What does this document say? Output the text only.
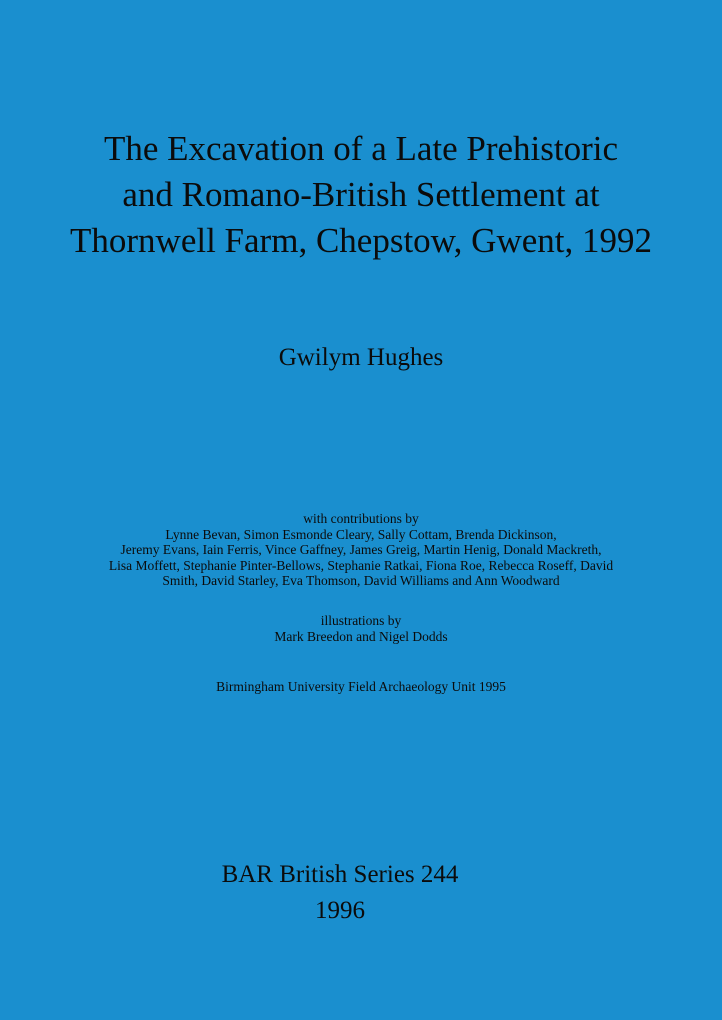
The Excavation of a Late Prehistoric
and Romano-British Settlement at
Thornwell Farm, Chepstow, Gwent, 1992
Gwilym Hughes
with contributions by
Lynne Bevan, Simon Esmonde Cleary, Sally Cottam, Brenda Dickinson,
Jeremy Evans, Iain Ferris, Vince Gaffney, James Greig, Martin Henig, Donald Mackreth,
Lisa Moffett, Stephanie Pinter-Bellows, Stephanie Ratkai, Fiona Roe, Rebecca Roseff, David
Smith, David Starley, Eva Thomson, David Williams and Ann Woodward
illustrations by
Mark Breedon and Nigel Dodds
Birmingham University Field Archaeology Unit 1995
BAR British Series 244
1996
